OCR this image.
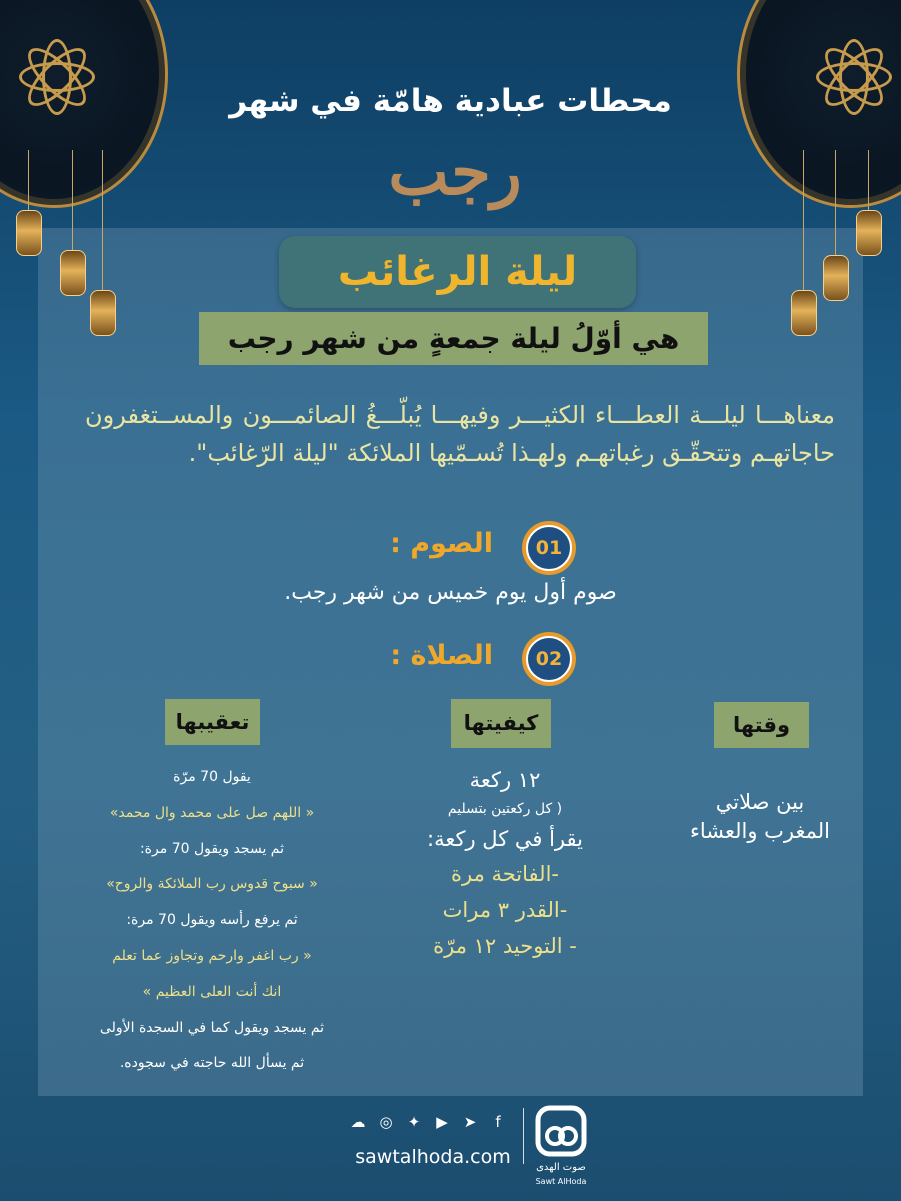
محطات عبادية هامّة في شهر
رجب
ليلة الرغائب
هي أوّلُ ليلة جمعةٍ من شهر رجب
معناهـــا ليلـــة العطـــاء الكثيـــر وفيهـــا يُبلّـــغُ الصائمـــون والمســتغفرون حاجاتهـم وتتحقّـق رغباتهـم ولهـذا تُسـمّيها الملائكة "ليلة الرّغائب".
01
الصوم :
صوم أول يوم خميس من شهر رجب.
02
الصلاة :
وقتها
بين صلاتي
المغرب والعشاء
كيفيتها
١٢ ركعة
( كل ركعتين بتسليم
يقرأ في كل ركعة:
-الفاتحة مرة
-القدر ٣ مرات
- التوحيد ١٢ مرّة
تعقيبها
يقول 70 مرّة
« اللهم صل على محمد وال محمد»
ثم يسجد ويقول 70 مرة:
« سبوح قدوس رب الملائكة والروح»
ثم يرفع رأسه ويقول 70 مرة:
« رب اغفر وارحم وتجاوز عما تعلم
انك أنت العلى العظيم »
ثم يسجد ويقول كما في السجدة الأولى
ثم يسأل الله حاجته في سجوده.
☁ ◎	✦	▶	➤	f
sawtalhoda.com	صوت الهدى
Sawt AlHoda
